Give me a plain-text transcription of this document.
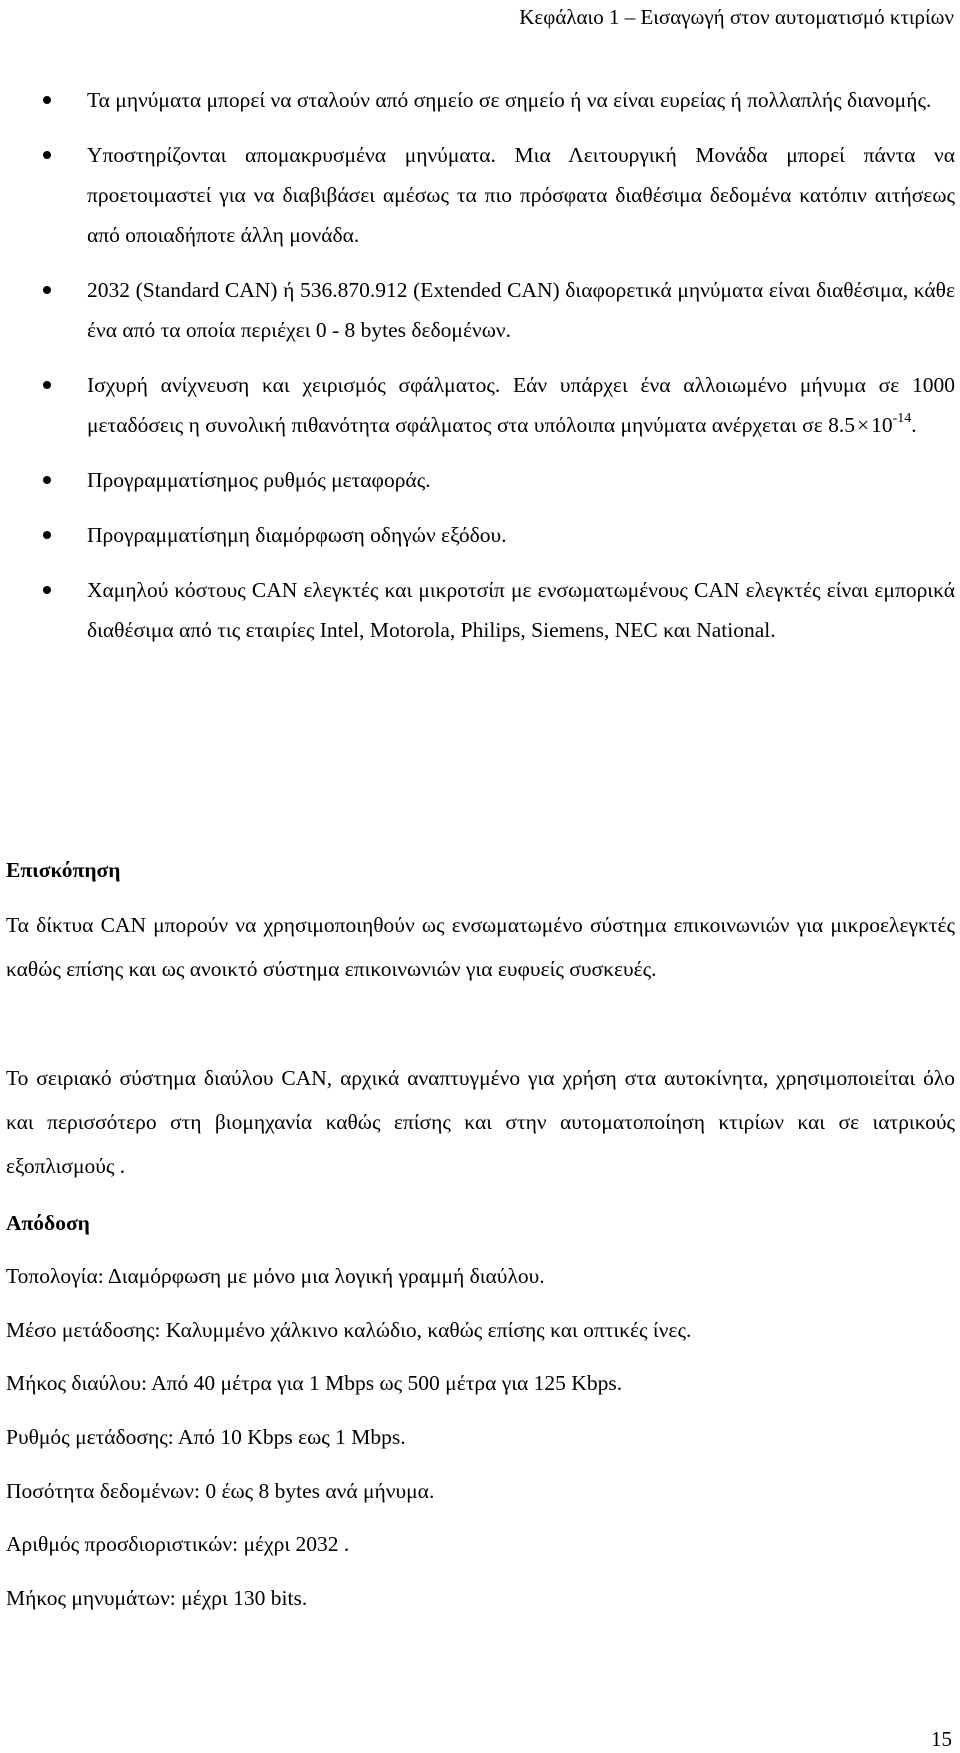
Κεφάλαιο 1 – Εισαγωγή στον αυτοματισμό κτιρίων
Τα μηνύματα μπορεί να σταλούν από σημείο σε σημείο ή να είναι ευρείας ή πολλαπλής διανομής.
Υποστηρίζονται απομακρυσμένα μηνύματα. Μια Λειτουργική Μονάδα μπορεί πάντα να προετοιμαστεί για να διαβιβάσει αμέσως τα πιο πρόσφατα διαθέσιμα δεδομένα κατόπιν αιτήσεως από οποιαδήποτε άλλη μονάδα.
2032 (Standard CAN) ή 536.870.912 (Extended CAN) διαφορετικά μηνύματα είναι διαθέσιμα, κάθε ένα από τα οποία περιέχει 0 - 8 bytes δεδομένων.
Ισχυρή ανίχνευση και χειρισμός σφάλματος. Εάν υπάρχει ένα αλλοιωμένο μήνυμα σε 1000 μεταδόσεις η συνολική πιθανότητα σφάλματος στα υπόλοιπα μηνύματα ανέρχεται σε $8.5\times 10^{-14}$.
Προγραμματίσημος ρυθμός μεταφοράς.
Προγραμματίσημη διαμόρφωση οδηγών εξόδου.
Χαμηλού κόστους CAN ελεγκτές και μικροτσίπ με ενσωματωμένους CAN ελεγκτές είναι εμπορικά διαθέσιμα από τις εταιρίες Intel, Motorola, Philips, Siemens, NEC και National.
Επισκόπηση

Τα δίκτυα CAN μπορούν να χρησιμοποιηθούν ως ενσωματωμένο σύστημα επικοινωνιών για μικροελεγκτές καθώς επίσης και ως ανοικτό σύστημα επικοινωνιών για ευφυείς συσκευές.

Το σειριακό σύστημα διαύλου CAN, αρχικά αναπτυγμένο για χρήση στα αυτοκίνητα, χρησιμοποιείται όλο και περισσότερο στη βιομηχανία καθώς επίσης και στην αυτοματοποίηση κτιρίων και σε ιατρικούς εξοπλισμούς .

Απόδοση

Τοπολογία: Διαμόρφωση με μόνο μια λογική γραμμή διαύλου.

Μέσο μετάδοσης: Καλυμμένο χάλκινο καλώδιο, καθώς επίσης και οπτικές ίνες.

Μήκος διαύλου: Από 40 μέτρα για 1 Mbps ως 500 μέτρα για 125 Kbps.

Ρυθμός μετάδοσης: Από 10 Kbps εως 1 Mbps.

Ποσότητα δεδομένων: 0 έως 8 bytes ανά μήνυμα.

Αριθμός προσδιοριστικών: μέχρι 2032 .

Μήκος μηνυμάτων: μέχρι 130 bits.

15
